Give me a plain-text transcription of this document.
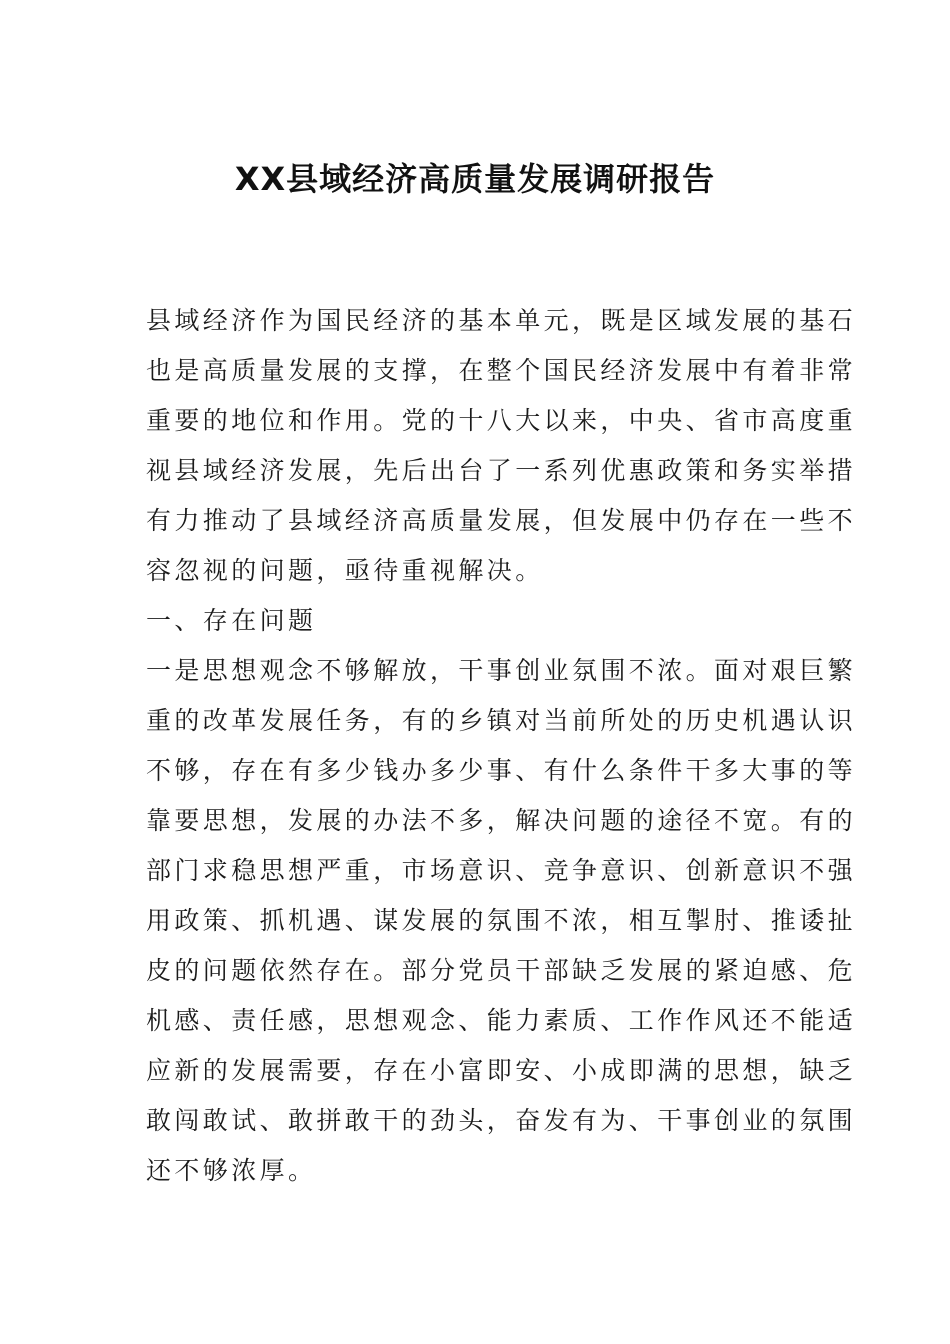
XX县域经济高质量发展调研报告
县域经济作为国民经济的基本单元，既是区域发展的基石
也是高质量发展的支撑，在整个国民经济发展中有着非常
重要的地位和作用。党的十八大以来，中央、省市高度重
视县域经济发展，先后出台了一系列优惠政策和务实举措
有力推动了县域经济高质量发展，但发展中仍存在一些不
容忽视的问题，亟待重视解决。
一、存在问题
一是思想观念不够解放，干事创业氛围不浓。面对艰巨繁
重的改革发展任务，有的乡镇对当前所处的历史机遇认识
不够，存在有多少钱办多少事、有什么条件干多大事的等
靠要思想，发展的办法不多，解决问题的途径不宽。有的
部门求稳思想严重，市场意识、竞争意识、创新意识不强
用政策、抓机遇、谋发展的氛围不浓，相互掣肘、推诿扯
皮的问题依然存在。部分党员干部缺乏发展的紧迫感、危
机感、责任感，思想观念、能力素质、工作作风还不能适
应新的发展需要，存在小富即安、小成即满的思想，缺乏
敢闯敢试、敢拼敢干的劲头，奋发有为、干事创业的氛围
还不够浓厚。
